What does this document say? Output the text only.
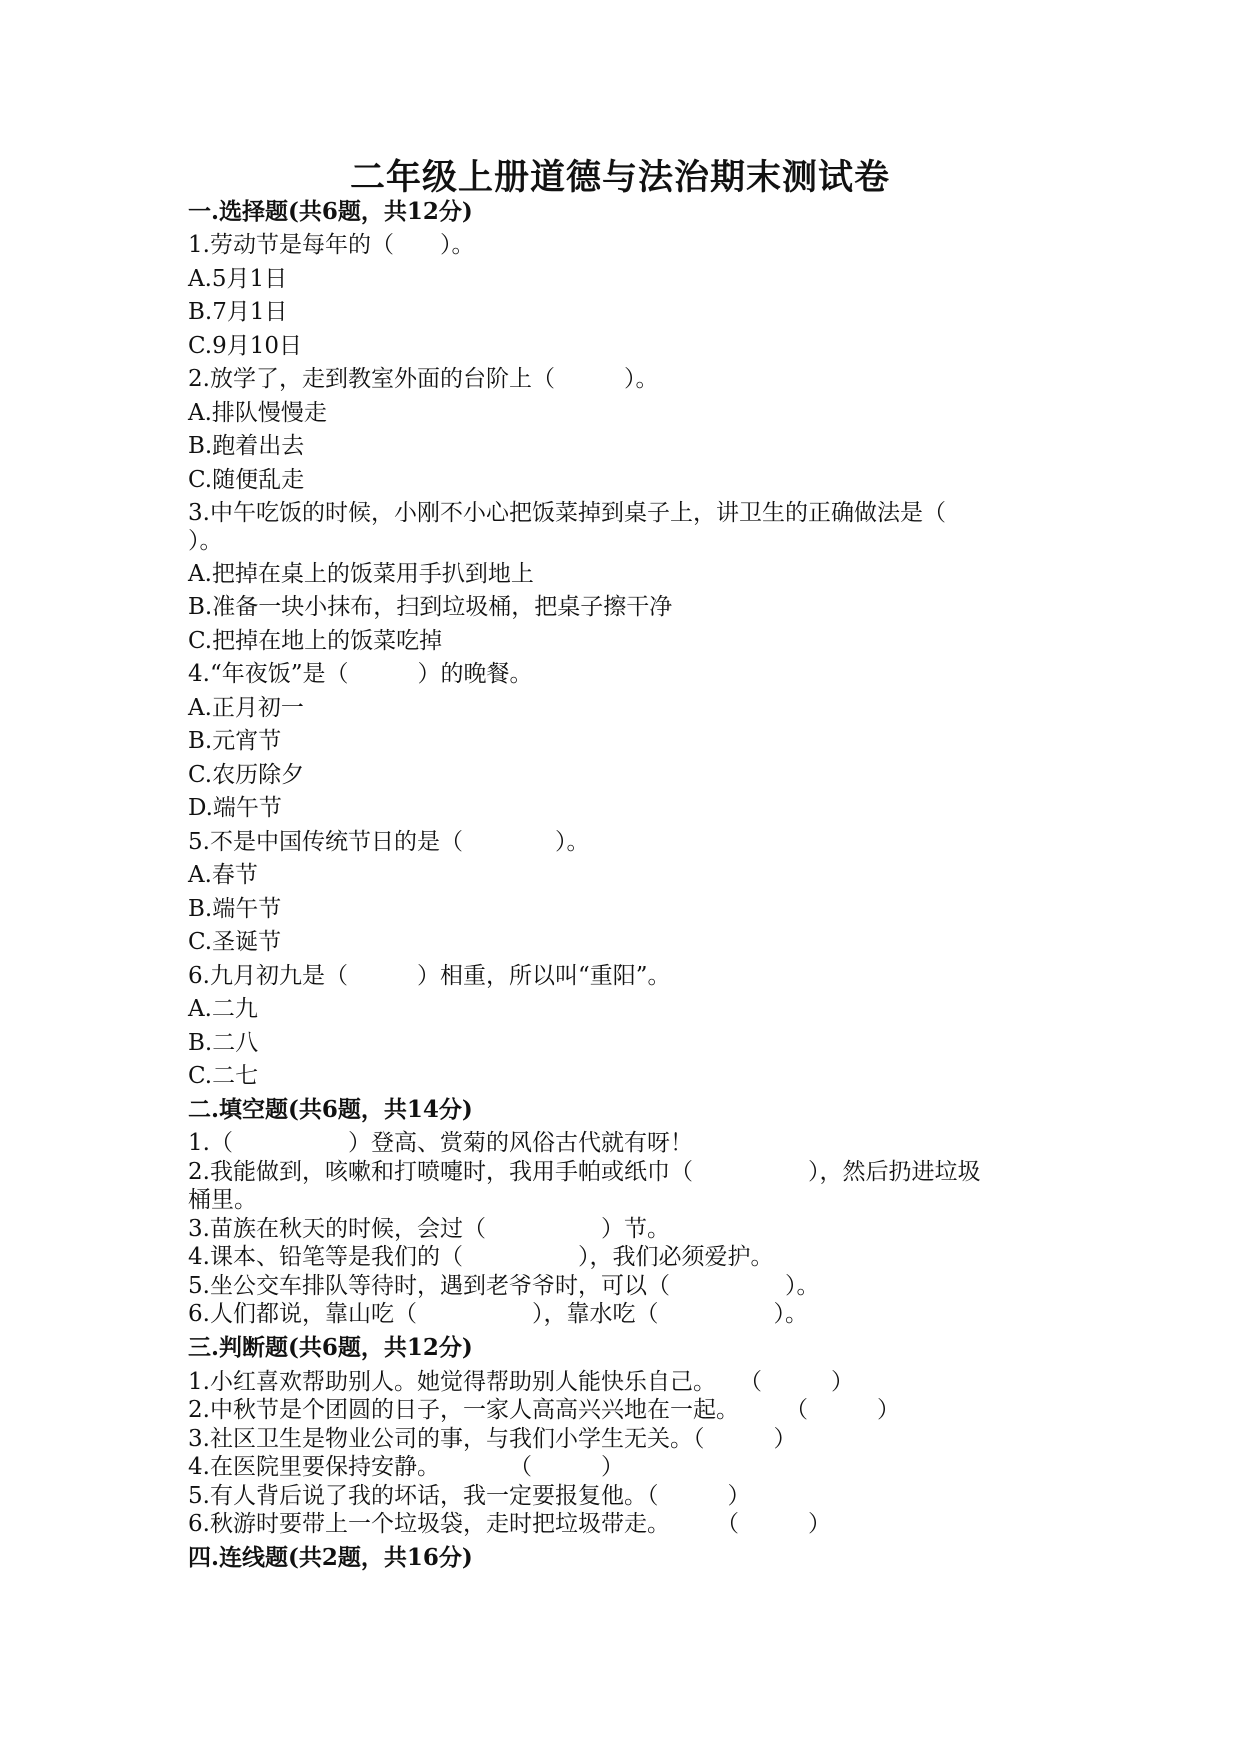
二年级上册道德与法治期末测试卷
一.选择题(共6题，共12分)
1.劳动节是每年的（　　）。
A.5月1日
B.7月1日
C.9月10日
2.放学了，走到教室外面的台阶上（　　　）。
A.排队慢慢走
B.跑着出去
C.随便乱走
3.中午吃饭的时候，小刚不小心把饭菜掉到桌子上，讲卫生的正确做法是（
）。
A.把掉在桌上的饭菜用手扒到地上
B.准备一块小抹布，扫到垃圾桶，把桌子擦干净
C.把掉在地上的饭菜吃掉
4.“年夜饭”是（　　　）的晚餐。
A.正月初一
B.元宵节
C.农历除夕
D.端午节
5.不是中国传统节日的是（　　　　）。
A.春节
B.端午节
C.圣诞节
6.九月初九是（　　　）相重，所以叫“重阳”。
A.二九
B.二八
C.二七
二.填空题(共6题，共14分)
1.（　　　　　）登高、赏菊的风俗古代就有呀！
2.我能做到，咳嗽和打喷嚏时，我用手帕或纸巾（　　　　　），然后扔进垃圾
桶里。
3.苗族在秋天的时候，会过（　　　　　）节。
4.课本、铅笔等是我们的（　　　　　），我们必须爱护。
5.坐公交车排队等待时，遇到老爷爷时，可以（　　　　　）。
6.人们都说，靠山吃（　　　　　），靠水吃（　　　　　）。
三.判断题(共6题，共12分)
1.小红喜欢帮助别人。她觉得帮助别人能快乐自己。　　（　　　）
2.中秋节是个团圆的日子，一家人高高兴兴地在一起。　　　（　　　）
3.社区卫生是物业公司的事，与我们小学生无关。（　　　）
4.在医院里要保持安静。　　　　（　　　）
5.有人背后说了我的坏话，我一定要报复他。（　　　）
6.秋游时要带上一个垃圾袋，走时把垃圾带走。　　　（　　　）
四.连线题(共2题，共16分)
